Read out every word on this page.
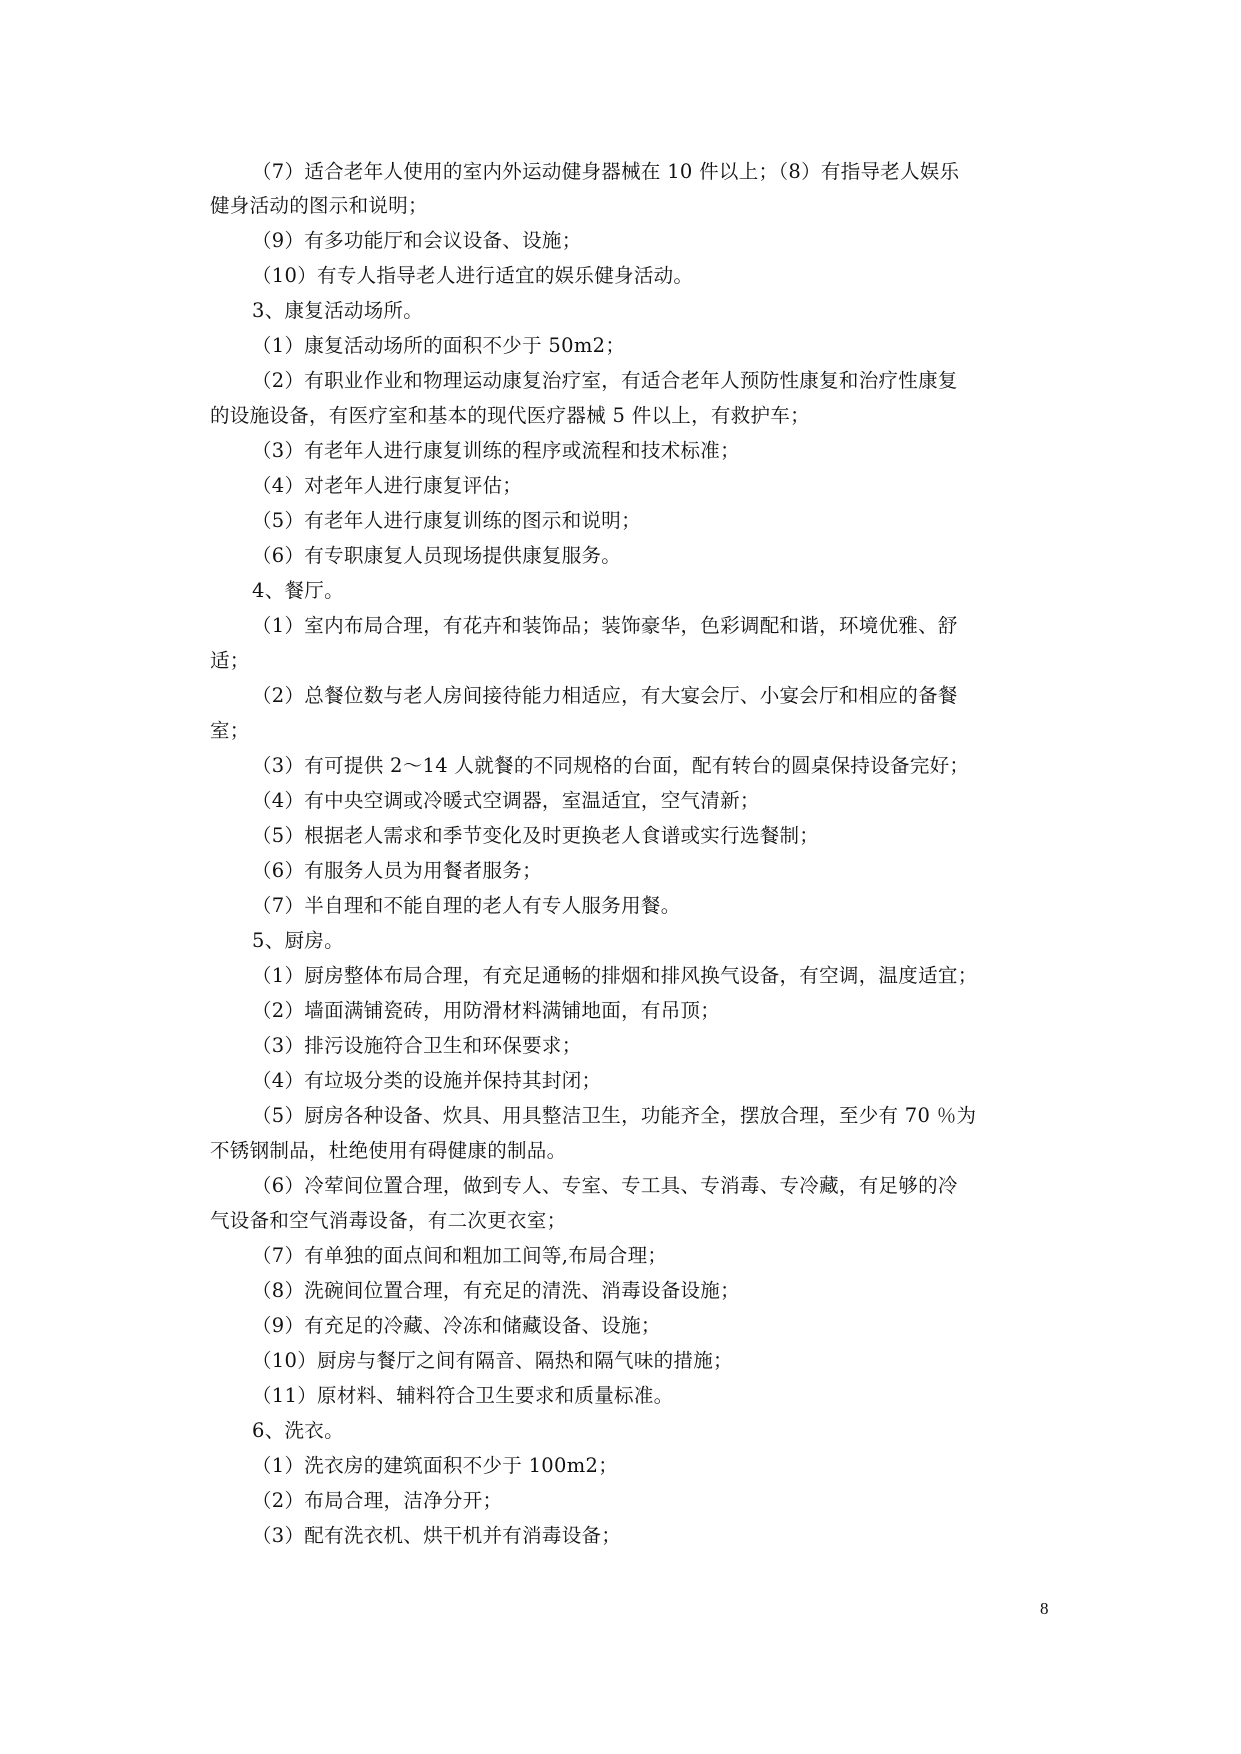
（7）适合老年人使用的室内外运动健身器械在 10 件以上；（8）有指导老人娱乐
健身活动的图示和说明；
（9）有多功能厅和会议设备、设施；
（10）有专人指导老人进行适宜的娱乐健身活动。
3、康复活动场所。
（1）康复活动场所的面积不少于 50m2；
（2）有职业作业和物理运动康复治疗室，有适合老年人预防性康复和治疗性康复
的设施设备，有医疗室和基本的现代医疗器械 5 件以上，有救护车；
（3）有老年人进行康复训练的程序或流程和技术标准；
（4）对老年人进行康复评估；
（5）有老年人进行康复训练的图示和说明；
（6）有专职康复人员现场提供康复服务。
4、餐厅。
（1）室内布局合理，有花卉和装饰品；装饰豪华，色彩调配和谐，环境优雅、舒
适；
（2）总餐位数与老人房间接待能力相适应，有大宴会厅、小宴会厅和相应的备餐
室；
（3）有可提供 2～14 人就餐的不同规格的台面，配有转台的圆桌保持设备完好；
（4）有中央空调或冷暖式空调器，室温适宜，空气清新；
（5）根据老人需求和季节变化及时更换老人食谱或实行选餐制；
（6）有服务人员为用餐者服务；
（7）半自理和不能自理的老人有专人服务用餐。
5、厨房。
（1）厨房整体布局合理，有充足通畅的排烟和排风换气设备，有空调，温度适宜；
（2）墙面满铺瓷砖，用防滑材料满铺地面，有吊顶；
（3）排污设施符合卫生和环保要求；
（4）有垃圾分类的设施并保持其封闭；
（5）厨房各种设备、炊具、用具整洁卫生，功能齐全，摆放合理，至少有 70 ％为
不锈钢制品，杜绝使用有碍健康的制品。
（6）冷荤间位置合理，做到专人、专室、专工具、专消毒、专冷藏，有足够的冷
气设备和空气消毒设备，有二次更衣室；
（7）有单独的面点间和粗加工间等,布局合理；
（8）洗碗间位置合理，有充足的清洗、消毒设备设施；
（9）有充足的冷藏、冷冻和储藏设备、设施；
（10）厨房与餐厅之间有隔音、隔热和隔气味的措施；
（11）原材料、辅料符合卫生要求和质量标准。
6、洗衣。
（1）洗衣房的建筑面积不少于 100m2；
（2）布局合理，洁净分开；
（3）配有洗衣机、烘干机并有消毒设备；
8
